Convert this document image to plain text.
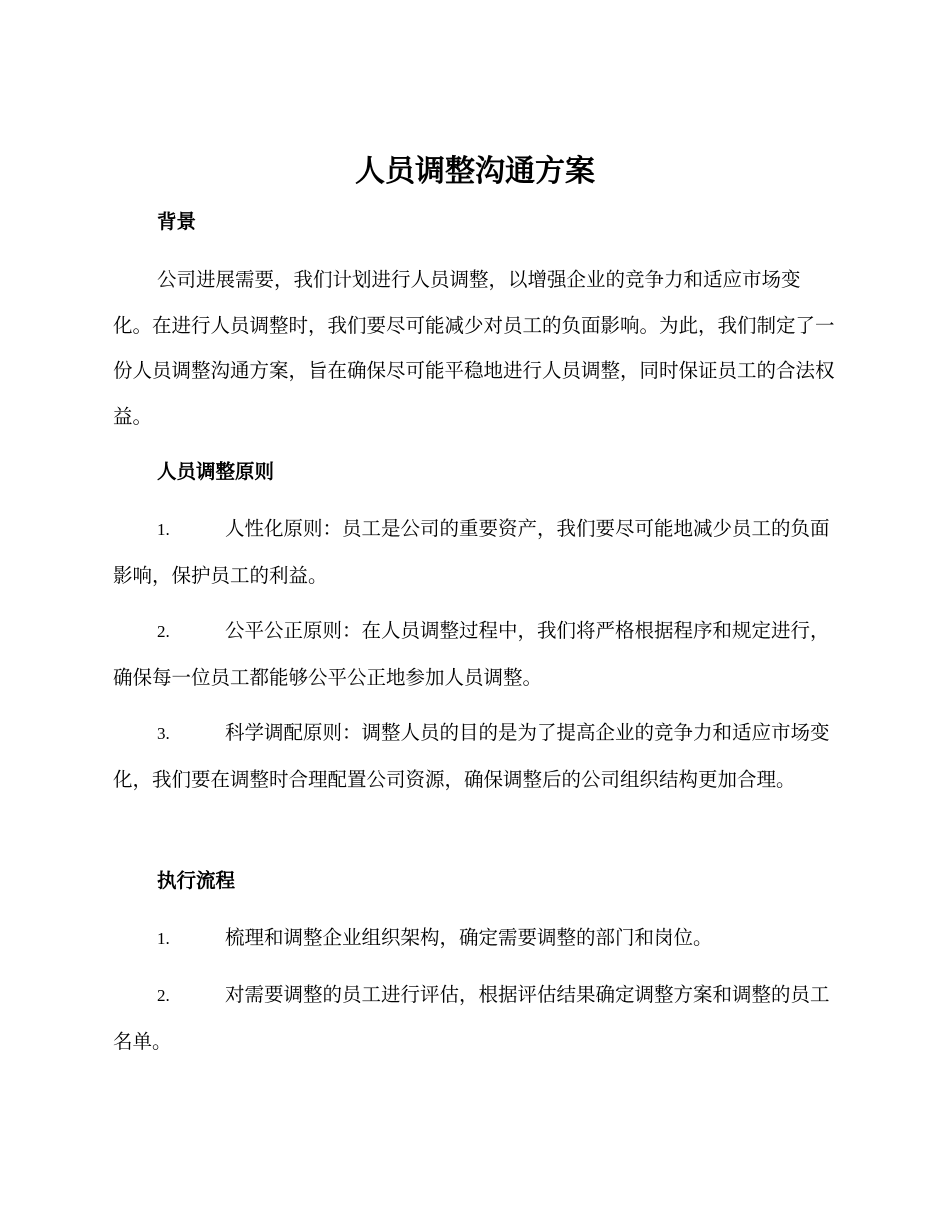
人员调整沟通方案
背景
公司进展需要，我们计划进行人员调整，以增强企业的竞争力和适应市场变化。在进行人员调整时，我们要尽可能减少对员工的负面影响。为此，我们制定了一份人员调整沟通方案，旨在确保尽可能平稳地进行人员调整，同时保证员工的合法权益。
人员调整原则
1.	人性化原则：员工是公司的重要资产，我们要尽可能地减少员工的负面影响，保护员工的利益。
2.	公平公正原则：在人员调整过程中，我们将严格根据程序和规定进行，确保每一位员工都能够公平公正地参加人员调整。
3.	科学调配原则：调整人员的目的是为了提高企业的竞争力和适应市场变化，我们要在调整时合理配置公司资源，确保调整后的公司组织结构更加合理。
执行流程
1.	梳理和调整企业组织架构，确定需要调整的部门和岗位。
2.	对需要调整的员工进行评估，根据评估结果确定调整方案和调整的员工名单。
